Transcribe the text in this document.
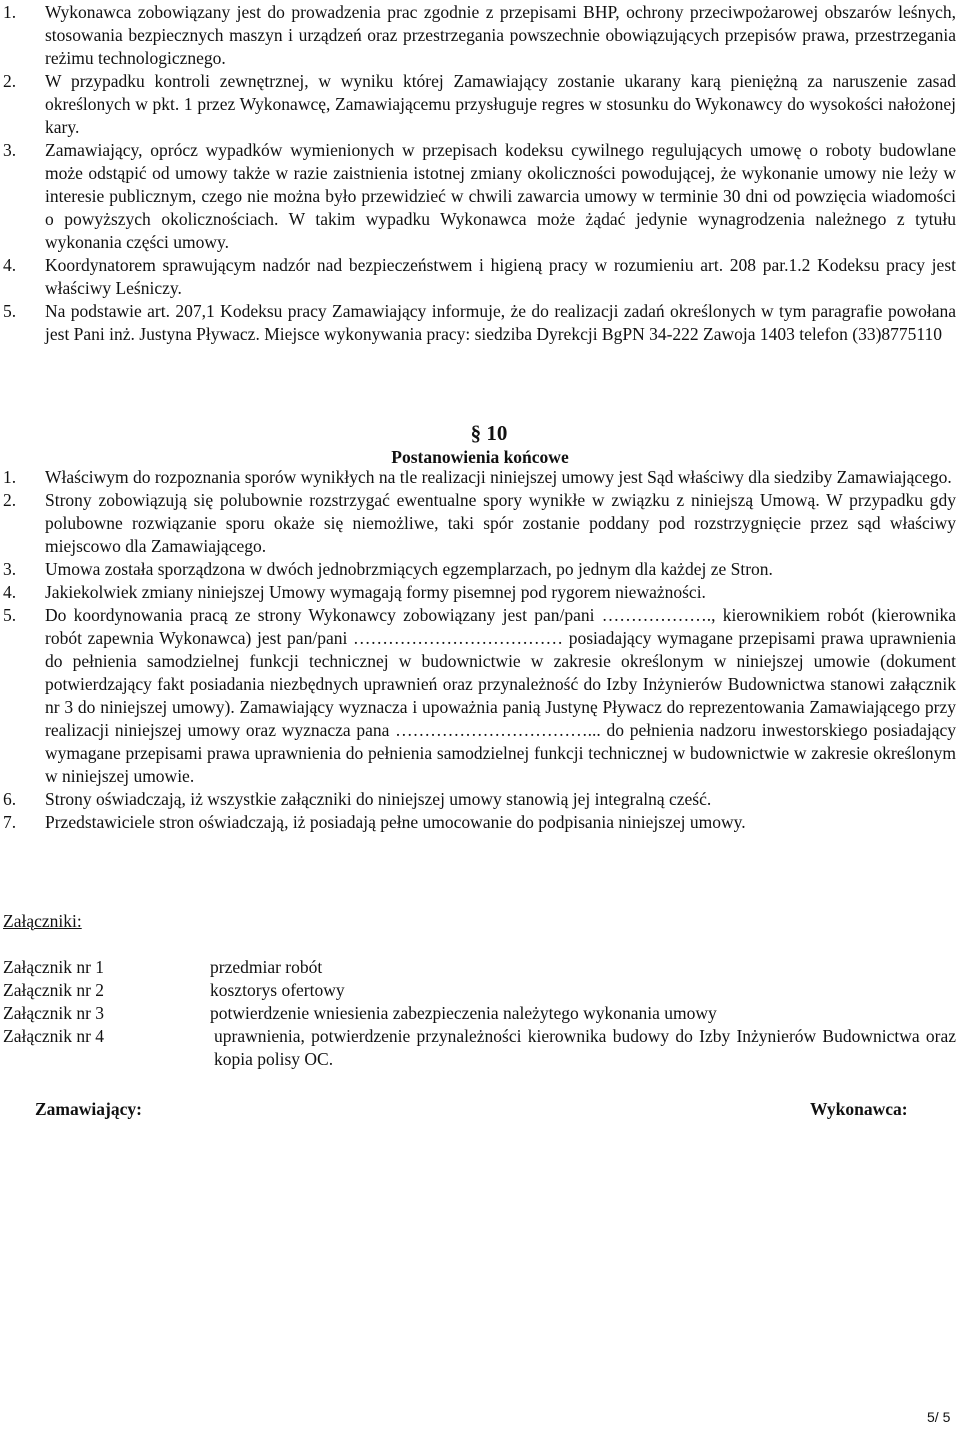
1. Wykonawca zobowiązany jest do prowadzenia prac zgodnie z przepisami BHP, ochrony przeciwpożarowej obszarów leśnych, stosowania bezpiecznych maszyn i urządzeń oraz przestrzegania powszechnie obowiązujących przepisów prawa, przestrzegania reżimu technologicznego.
2. W przypadku kontroli zewnętrznej, w wyniku której Zamawiający zostanie ukarany karą pieniężną za naruszenie zasad określonych w pkt. 1 przez Wykonawcę, Zamawiającemu przysługuje regres w stosunku do Wykonawcy do wysokości nałożonej kary.
3. Zamawiający, oprócz wypadków wymienionych w przepisach kodeksu cywilnego regulujących umowę o roboty budowlane może odstąpić od umowy także w razie zaistnienia istotnej zmiany okoliczności powodującej, że wykonanie umowy nie leży w interesie publicznym, czego nie można było przewidzieć w chwili zawarcia umowy w terminie 30 dni od powzięcia wiadomości o powyższych okolicznościach. W takim wypadku Wykonawca może żądać jedynie wynagrodzenia należnego z tytułu wykonania części umowy.
4. Koordynatorem sprawującym nadzór nad bezpieczeństwem i higieną pracy w rozumieniu art. 208 par.1.2 Kodeksu pracy jest właściwy Leśniczy.
5. Na podstawie art. 207,1 Kodeksu pracy Zamawiający informuje, że do realizacji zadań określonych w tym paragrafie powołana jest Pani inż. Justyna Pływacz. Miejsce wykonywania pracy: siedziba Dyrekcji BgPN 34-222 Zawoja 1403 telefon (33)8775110
§ 10
Postanowienia końcowe
1. Właściwym do rozpoznania sporów wynikłych na tle realizacji niniejszej umowy jest Sąd właściwy dla siedziby Zamawiającego.
2. Strony zobowiązują się polubownie rozstrzygać ewentualne spory wynikłe w związku z niniejszą Umową. W przypadku gdy polubowne rozwiązanie sporu okaże się niemożliwe, taki spór zostanie poddany pod rozstrzygnięcie przez sąd właściwy miejscowo dla Zamawiającego.
3. Umowa została sporządzona w dwóch jednobrzmiących egzemplarzach, po jednym dla każdej ze Stron.
4. Jakiekolwiek zmiany niniejszej Umowy wymagają formy pisemnej pod rygorem nieważności.
5. Do koordynowania pracą ze strony Wykonawcy zobowiązany jest pan/pani ………………., kierownikiem robót (kierownika robót zapewnia Wykonawca) jest pan/pani ……………………………… posiadający wymagane przepisami prawa uprawnienia do pełnienia samodzielnej funkcji technicznej w budownictwie w zakresie określonym w niniejszej umowie (dokument potwierdzający fakt posiadania niezbędnych uprawnień oraz przynależność do Izby Inżynierów Budownictwa stanowi załącznik nr 3 do niniejszej umowy). Zamawiający wyznacza i upoważnia panią Justynę Pływacz do reprezentowania Zamawiającego przy realizacji niniejszej umowy oraz wyznacza pana ……………………………... do pełnienia nadzoru inwestorskiego posiadający wymagane przepisami prawa uprawnienia do pełnienia samodzielnej funkcji technicznej w budownictwie w zakresie określonym w niniejszej umowie.
6. Strony oświadczają, iż wszystkie załączniki do niniejszej umowy stanowią jej integralną cześć.
7. Przedstawiciele stron oświadczają, iż posiadają pełne umocowanie do podpisania niniejszej umowy.
Załączniki:
Załącznik nr 1	przedmiar robót
Załącznik nr 2	kosztorys ofertowy
Załącznik nr 3	potwierdzenie wniesienia zabezpieczenia należytego wykonania umowy
Załącznik nr 4	uprawnienia, potwierdzenie przynależności kierownika budowy do Izby Inżynierów Budownictwa oraz kopia polisy OC.
Zamawiający:	Wykonawca:
5/ 5
